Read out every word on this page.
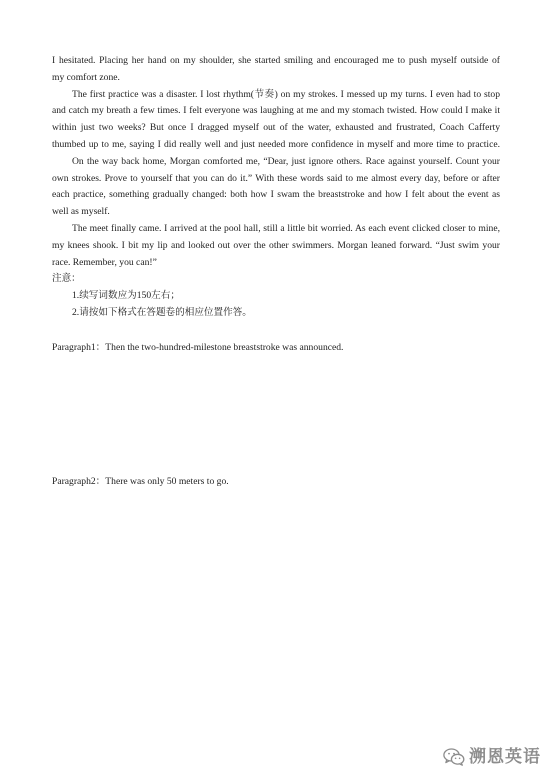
I hesitated. Placing her hand on my shoulder, she started smiling and encouraged me to push myself outside of
my comfort zone.
The first practice was a disaster. I lost rhythm(节奏) on my strokes. I messed up my turns. I even had to stop
and catch my breath a few times. I felt everyone was laughing at me and my stomach twisted. How could I make it
within just two weeks? But once I dragged myself out of the water, exhausted and frustrated, Coach Cafferty
thumbed up to me, saying I did really well and just needed more confidence in myself and more time to practice.
On the way back home, Morgan comforted me, “Dear, just ignore others. Race against yourself. Count your
own strokes. Prove to yourself that you can do it.” With these words said to me almost every day, before or after
each practice, something gradually changed: both how I swam the breaststroke and how I felt about the event as
well as myself.
The meet finally came. I arrived at the pool hall, still a little bit worried. As each event clicked closer to mine,
my knees shook. I bit my lip and looked out over the other swimmers. Morgan leaned forward. “Just swim your
race. Remember, you can!”
注意：
1.续写词数应为150左右；
2.请按如下格式在答题卷的相应位置作答。
Paragraph1：Then the two-hundred-milestone breaststroke was announced.
Paragraph2：There was only 50 meters to go.
溯恩英语
